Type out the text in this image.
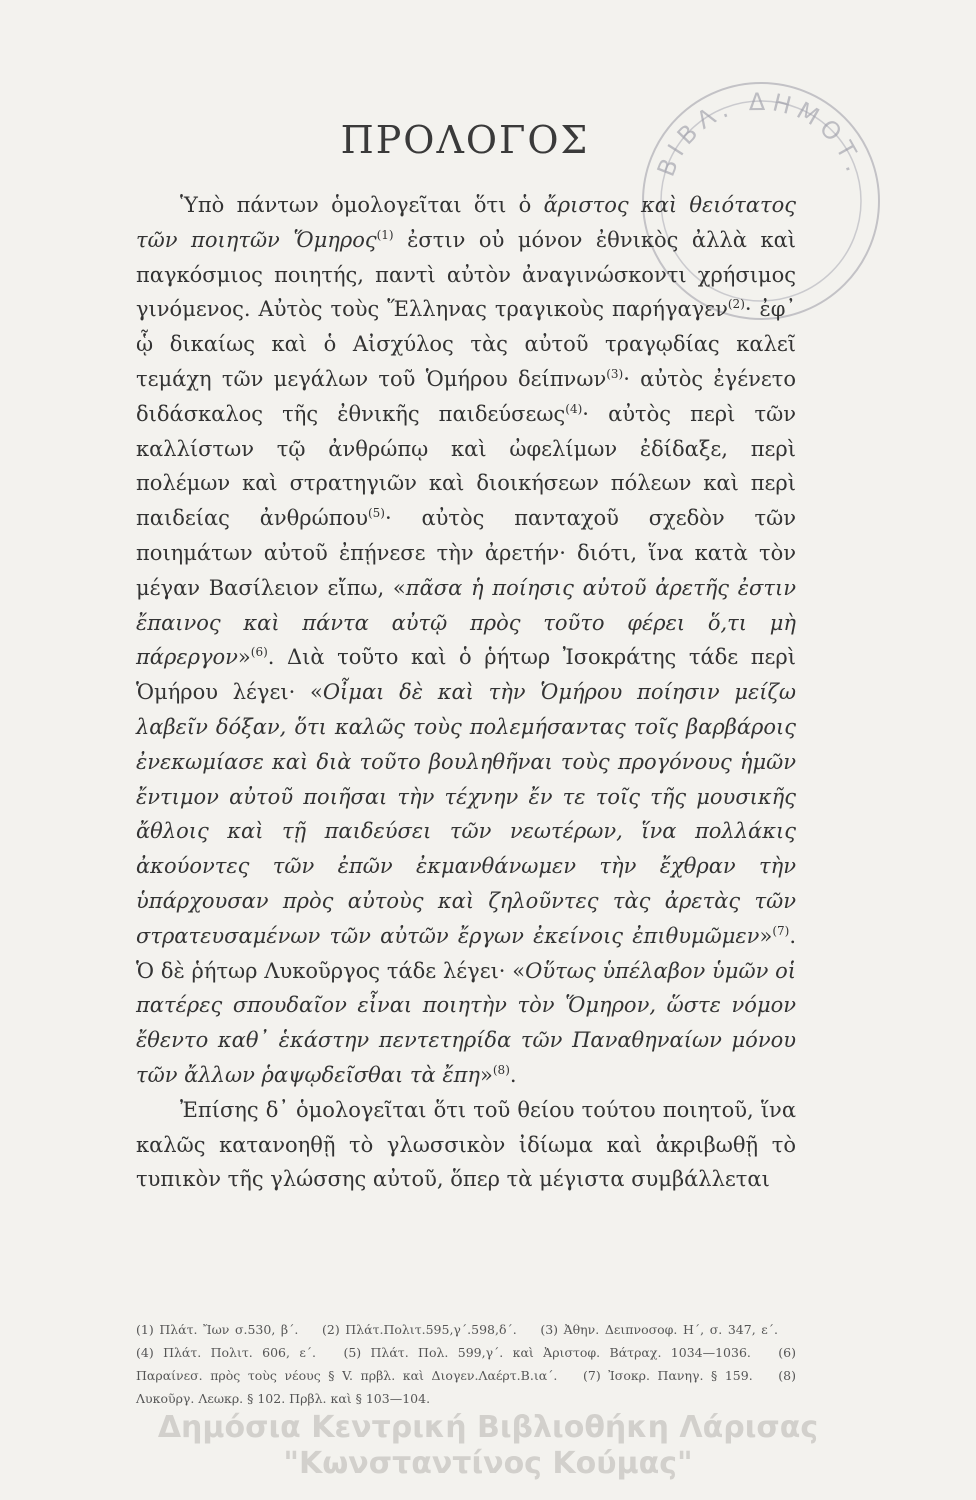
ΒΙΒΛ. ΔΗΜΟΤ.
ΠΡΟΛΟΓΟΣ

Ὑπὸ πάντων ὁμολογεῖται ὅτι ὁ ἄριστος καὶ θειότατος τῶν ποιητῶν Ὅμηρος$^{(1)}$ ἐστιν οὐ μόνον ἐθνικὸς ἀλλὰ καὶ παγκόσμιος ποιητής, παντὶ αὐτὸν ἀναγινώσκοντι χρήσιμος γινόμενος. Αὐτὸς τοὺς Ἕλληνας τραγικοὺς παρήγαγεν$^{(2)}$· ἐφ᾽ ᾧ δικαίως καὶ ὁ Αἰσχύλος τὰς αὐτοῦ τραγῳδίας καλεῖ τεμάχη τῶν μεγάλων τοῦ Ὁμήρου δείπνων$^{(3)}$· αὐτὸς ἐγένετο διδάσκαλος τῆς ἐθνικῆς παιδεύσεως$^{(4)}$· αὐτὸς περὶ τῶν καλλίστων τῷ ἀνθρώπῳ καὶ ὠφελίμων ἐδίδαξε, περὶ πολέμων καὶ στρατηγιῶν καὶ διοικήσεων πόλεων καὶ περὶ παιδείας ἀνθρώπου$^{(5)}$· αὐτὸς πανταχοῦ σχεδὸν τῶν ποιημάτων αὐτοῦ ἐπῄνεσε τὴν ἀρετήν· διότι, ἵνα κατὰ τὸν μέγαν Βασίλειον εἴπω, «πᾶσα ἡ ποίησις αὐτοῦ ἀρετῆς ἐστιν ἔπαινος καὶ πάντα αὐτῷ πρὸς τοῦτο φέρει ὅ,τι μὴ πάρεργον»$^{(6)}$. Διὰ τοῦτο καὶ ὁ ῥήτωρ Ἰσοκράτης τάδε περὶ Ὁμήρου λέγει· «Οἶμαι δὲ καὶ τὴν Ὁμήρου ποίησιν μείζω λαβεῖν δόξαν, ὅτι καλῶς τοὺς πολεμήσαντας τοῖς βαρβάροις ἐνεκωμίασε καὶ διὰ τοῦτο βουληθῆναι τοὺς προγόνους ἡμῶν ἔντιμον αὐτοῦ ποιῆσαι τὴν τέχνην ἔν τε τοῖς τῆς μουσικῆς ἄθλοις καὶ τῇ παιδεύσει τῶν νεωτέρων, ἵνα πολλάκις ἀκούοντες τῶν ἐπῶν ἐκμανθάνωμεν τὴν ἔχθραν τὴν ὑπάρχουσαν πρὸς αὐτοὺς καὶ ζηλοῦντες τὰς ἀρετὰς τῶν στρατευσαμένων τῶν αὐτῶν ἔργων ἐκείνοις ἐπιθυμῶμεν»$^{(7)}$. Ὁ δὲ ῥήτωρ Λυκοῦργος τάδε λέγει· «Οὕτως ὑπέλαβον ὑμῶν οἱ πατέρες σπουδαῖον εἶναι ποιητὴν τὸν Ὅμηρον, ὥστε νόμον ἔθεντο καθ᾽ ἑκάστην πεντετηρίδα τῶν Παναθηναίων μόνου τῶν ἄλλων ῥαψῳδεῖσθαι τὰ ἔπη»$^{(8)}$.

Ἐπίσης δ᾽ ὁμολογεῖται ὅτι τοῦ θείου τούτου ποιητοῦ, ἵνα καλῶς κατανοηθῇ τὸ γλωσσικὸν ἰδίωμα καὶ ἀκριβωθῇ τὸ τυπικὸν τῆς γλώσσης αὐτοῦ, ὅπερ τὰ μέγιστα συμβάλλεται

(1) Πλάτ. Ἴων σ.530, β΄. (2) Πλάτ.Πολιτ.595,γ΄.598,δ΄. (3) Ἀθην. Δειπνοσοφ. Η΄, σ. 347, ε΄. (4) Πλάτ. Πολιτ. 606, ε΄. (5) Πλάτ. Πολ. 599,γ΄. καὶ Ἀριστοφ. Βάτραχ. 1034—1036. (6) Παραίνεσ. πρὸς τοὺς νέους § V. πρβλ. καὶ Διογεν.Λαέρτ.Β.ια΄. (7) Ἰσοκρ. Πανηγ. § 159. (8) Λυκοῦργ. Λεωκρ. § 102. Πρβλ. καὶ § 103—104.
Δημόσια Κεντρική Βιβλιοθήκη Λάρισας
"Κωνσταντίνος Κούμας"
